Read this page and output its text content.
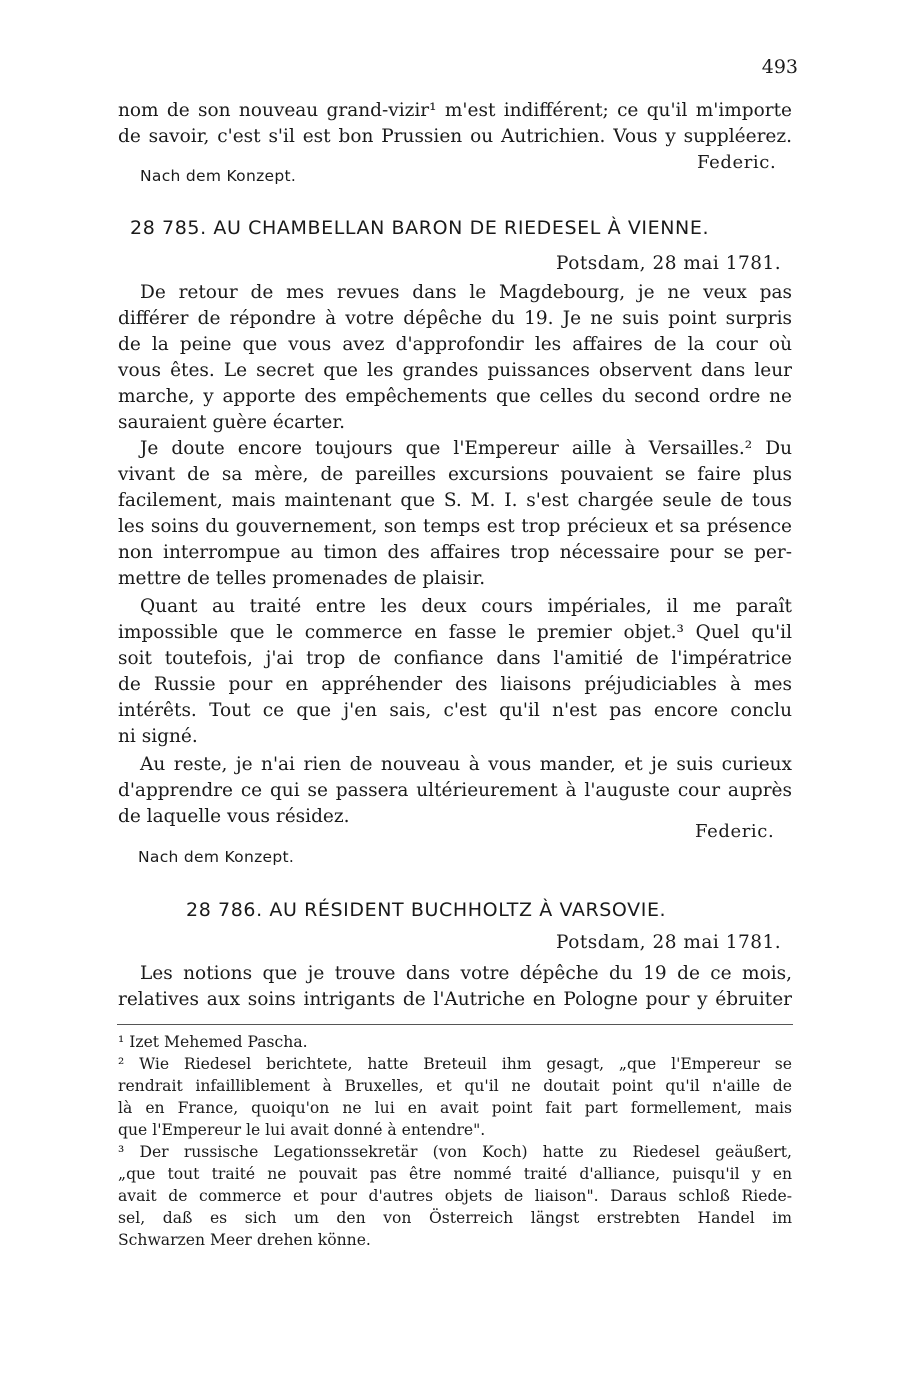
493
nom de son nouveau grand-vizir¹ m'est indifférent; ce qu'il m'importe
de savoir, c'est s'il est bon Prussien ou Autrichien. Vous y suppléerez.
Federic.
Nach dem Konzept.
28 785. AU CHAMBELLAN BARON DE RIEDESEL À VIENNE.
Potsdam, 28 mai 1781.
De retour de mes revues dans le Magdebourg, je ne veux pas
différer de répondre à votre dépêche du 19. Je ne suis point surpris
de la peine que vous avez d'approfondir les affaires de la cour où
vous êtes. Le secret que les grandes puissances observent dans leur
marche, y apporte des empêchements que celles du second ordre ne
sauraient guère écarter.
Je doute encore toujours que l'Empereur aille à Versailles.² Du
vivant de sa mère, de pareilles excursions pouvaient se faire plus
facilement, mais maintenant que S. M. I. s'est chargée seule de tous
les soins du gouvernement, son temps est trop précieux et sa présence
non interrompue au timon des affaires trop nécessaire pour se per-
mettre de telles promenades de plaisir.
Quant au traité entre les deux cours impériales, il me paraît
impossible que le commerce en fasse le premier objet.³ Quel qu'il
soit toutefois, j'ai trop de confiance dans l'amitié de l'impératrice
de Russie pour en appréhender des liaisons préjudiciables à mes
intérêts. Tout ce que j'en sais, c'est qu'il n'est pas encore conclu
ni signé.
Au reste, je n'ai rien de nouveau à vous mander, et je suis curieux
d'apprendre ce qui se passera ultérieurement à l'auguste cour auprès
de laquelle vous résidez.
Federic.
Nach dem Konzept.
28 786. AU RÉSIDENT BUCHHOLTZ À VARSOVIE.
Potsdam, 28 mai 1781.
Les notions que je trouve dans votre dépêche du 19 de ce mois,
relatives aux soins intrigants de l'Autriche en Pologne pour y ébruiter
¹ Izet Mehemed Pascha.
² Wie Riedesel berichtete, hatte Breteuil ihm gesagt, „que l'Empereur se
rendrait infailliblement à Bruxelles, et qu'il ne doutait point qu'il n'aille de
là en France, quoiqu'on ne lui en avait point fait part formellement, mais
que l'Empereur le lui avait donné à entendre".
³ Der russische Legationssekretär (von Koch) hatte zu Riedesel geäußert,
„que tout traité ne pouvait pas être nommé traité d'alliance, puisqu'il y en
avait de commerce et pour d'autres objets de liaison". Daraus schloß Riede-
sel, daß es sich um den von Österreich längst erstrebten Handel im
Schwarzen Meer drehen könne.
